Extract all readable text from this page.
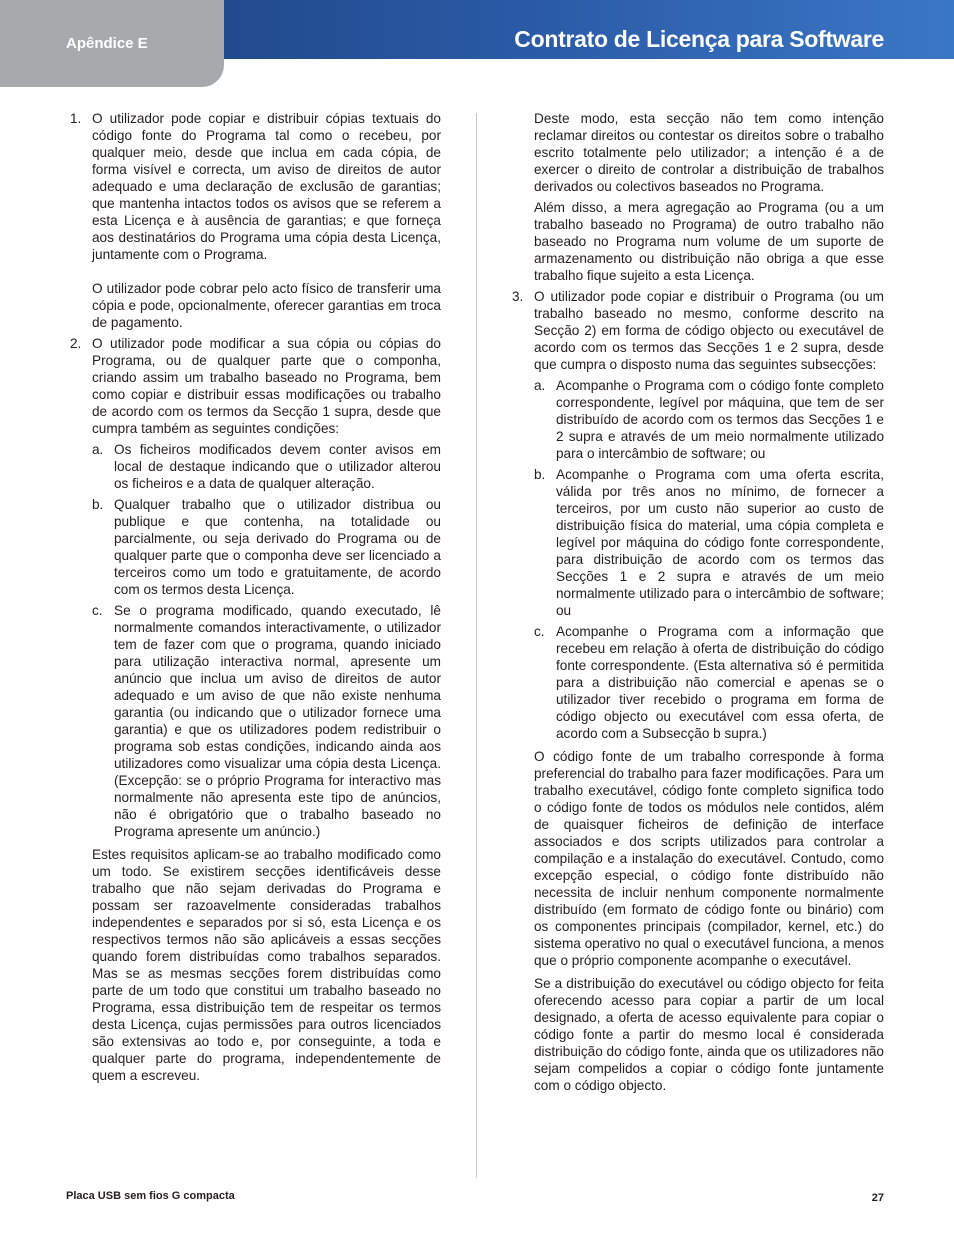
Apêndice E	Contrato de Licença para Software
1. O utilizador pode copiar e distribuir cópias textuais do código fonte do Programa tal como o recebeu, por qualquer meio, desde que inclua em cada cópia, de forma visível e correcta, um aviso de direitos de autor adequado e uma declaração de exclusão de garantias; que mantenha intactos todos os avisos que se referem a esta Licença e à ausência de garantias; e que forneça aos destinatários do Programa uma cópia desta Licença, juntamente com o Programa.

O utilizador pode cobrar pelo acto físico de transferir uma cópia e pode, opcionalmente, oferecer garantias em troca de pagamento.

2. O utilizador pode modificar a sua cópia ou cópias do Programa, ou de qualquer parte que o componha, criando assim um trabalho baseado no Programa, bem como copiar e distribuir essas modificações ou trabalho de acordo com os termos da Secção 1 supra, desde que cumpra também as seguintes condições:

a. Os ficheiros modificados devem conter avisos em local de destaque indicando que o utilizador alterou os ficheiros e a data de qualquer alteração.

b. Qualquer trabalho que o utilizador distribua ou publique e que contenha, na totalidade ou parcialmente, ou seja derivado do Programa ou de qualquer parte que o componha deve ser licenciado a terceiros como um todo e gratuitamente, de acordo com os termos desta Licença.

c. Se o programa modificado, quando executado, lê normalmente comandos interactivamente, o utilizador tem de fazer com que o programa, quando iniciado para utilização interactiva normal, apresente um anúncio que inclua um aviso de direitos de autor adequado e um aviso de que não existe nenhuma garantia (ou indicando que o utilizador fornece uma garantia) e que os utilizadores podem redistribuir o programa sob estas condições, indicando ainda aos utilizadores como visualizar uma cópia desta Licença. (Excepção: se o próprio Programa for interactivo mas normalmente não apresenta este tipo de anúncios, não é obrigatório que o trabalho baseado no Programa apresente um anúncio.)

Estes requisitos aplicam-se ao trabalho modificado como um todo. Se existirem secções identificáveis desse trabalho que não sejam derivadas do Programa e possam ser razoavelmente consideradas trabalhos independentes e separados por si só, esta Licença e os respectivos termos não são aplicáveis a essas secções quando forem distribuídas como trabalhos separados. Mas se as mesmas secções forem distribuídas como parte de um todo que constitui um trabalho baseado no Programa, essa distribuição tem de respeitar os termos desta Licença, cujas permissões para outros licenciados são extensivas ao todo e, por conseguinte, a toda e qualquer parte do programa, independentemente de quem a escreveu.

Deste modo, esta secção não tem como intenção reclamar direitos ou contestar os direitos sobre o trabalho escrito totalmente pelo utilizador; a intenção é a de exercer o direito de controlar a distribuição de trabalhos derivados ou colectivos baseados no Programa.

Além disso, a mera agregação ao Programa (ou a um trabalho baseado no Programa) de outro trabalho não baseado no Programa num volume de um suporte de armazenamento ou distribuição não obriga a que esse trabalho fique sujeito a esta Licença.

3. O utilizador pode copiar e distribuir o Programa (ou um trabalho baseado no mesmo, conforme descrito na Secção 2) em forma de código objecto ou executável de acordo com os termos das Secções 1 e 2 supra, desde que cumpra o disposto numa das seguintes subsecções:

a. Acompanhe o Programa com o código fonte completo correspondente, legível por máquina, que tem de ser distribuído de acordo com os termos das Secções 1 e 2 supra e através de um meio normalmente utilizado para o intercâmbio de software; ou

b. Acompanhe o Programa com uma oferta escrita, válida por três anos no mínimo, de fornecer a terceiros, por um custo não superior ao custo de distribuição física do material, uma cópia completa e legível por máquina do código fonte correspondente, para distribuição de acordo com os termos das Secções 1 e 2 supra e através de um meio normalmente utilizado para o intercâmbio de software; ou

c. Acompanhe o Programa com a informação que recebeu em relação à oferta de distribuição do código fonte correspondente. (Esta alternativa só é permitida para a distribuição não comercial e apenas se o utilizador tiver recebido o programa em forma de código objecto ou executável com essa oferta, de acordo com a Subsecção b supra.)

O código fonte de um trabalho corresponde à forma preferencial do trabalho para fazer modificações. Para um trabalho executável, código fonte completo significa todo o código fonte de todos os módulos nele contidos, além de quaisquer ficheiros de definição de interface associados e dos scripts utilizados para controlar a compilação e a instalação do executável. Contudo, como excepção especial, o código fonte distribuído não necessita de incluir nenhum componente normalmente distribuído (em formato de código fonte ou binário) com os componentes principais (compilador, kernel, etc.) do sistema operativo no qual o executável funciona, a menos que o próprio componente acompanhe o executável.

Se a distribuição do executável ou código objecto for feita oferecendo acesso para copiar a partir de um local designado, a oferta de acesso equivalente para copiar o código fonte a partir do mesmo local é considerada distribuição do código fonte, ainda que os utilizadores não sejam compelidos a copiar o código fonte juntamente com o código objecto.

Placa USB sem fios G compacta	27
